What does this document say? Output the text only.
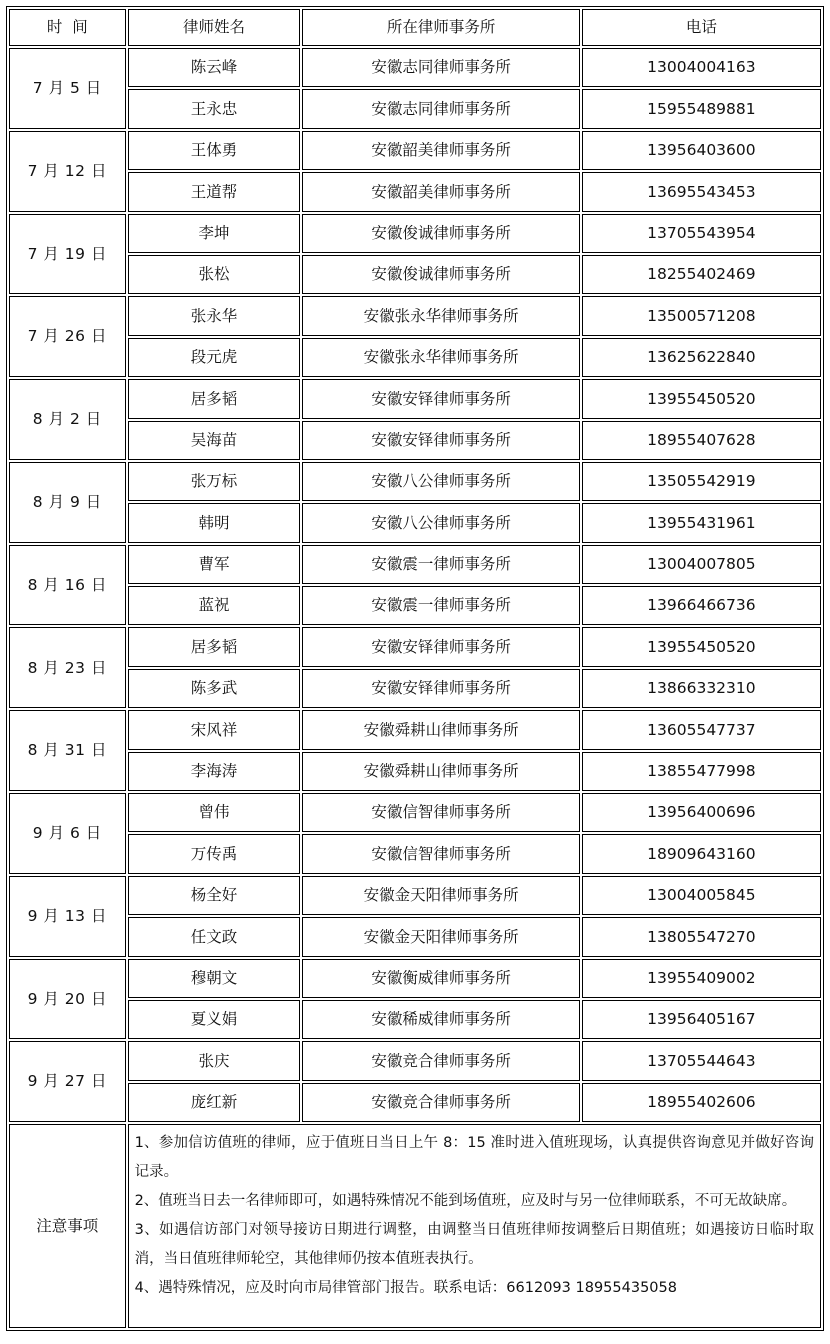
时  间	律师姓名	所在律师事务所	电话
7 月 5 日	陈云峰	安徽志同律师事务所	13004004163
	王永忠	安徽志同律师事务所	15955489881
7 月 12 日	王体勇	安徽韶美律师事务所	13956403600
	王道帮	安徽韶美律师事务所	13695543453
7 月 19 日	李坤	安徽俊诚律师事务所	13705543954
	张松	安徽俊诚律师事务所	18255402469
7 月 26 日	张永华	安徽张永华律师事务所	13500571208
	段元虎	安徽张永华律师事务所	13625622840
8 月 2 日	居多韬	安徽安铎律师事务所	13955450520
	吴海苗	安徽安铎律师事务所	18955407628
8 月 9 日	张万标	安徽八公律师事务所	13505542919
	韩明	安徽八公律师事务所	13955431961
8 月 16 日	曹军	安徽震一律师事务所	13004007805
	蓝祝	安徽震一律师事务所	13966466736
8 月 23 日	居多韬	安徽安铎律师事务所	13955450520
	陈多武	安徽安铎律师事务所	13866332310
8 月 31 日	宋风祥	安徽舜耕山律师事务所	13605547737
	李海涛	安徽舜耕山律师事务所	13855477998
9 月 6 日	曾伟	安徽信智律师事务所	13956400696
	万传禹	安徽信智律师事务所	18909643160
9 月 13 日	杨全好	安徽金天阳律师事务所	13004005845
	任文政	安徽金天阳律师事务所	13805547270
9 月 20 日	穆朝文	安徽衡威律师事务所	13955409002
	夏义娟	安徽稀威律师事务所	13956405167
9 月 27 日	张庆	安徽竞合律师事务所	13705544643
	庞红新	安徽竞合律师事务所	18955402606
注意事项	1、参加信访值班的律师，应于值班日当日上午 8：15 准时进入值班现场，认真提供咨询意见并做好咨询记录。

2、值班当日去一名律师即可，如遇特殊情况不能到场值班，应及时与另一位律师联系，不可无故缺席。

3、如遇信访部门对领导接访日期进行调整，由调整当日值班律师按调整后日期值班；如遇接访日临时取消，当日值班律师轮空，其他律师仍按本值班表执行。

4、遇特殊情况，应及时向市局律管部门报告。联系电话：6612093 18955435058		
